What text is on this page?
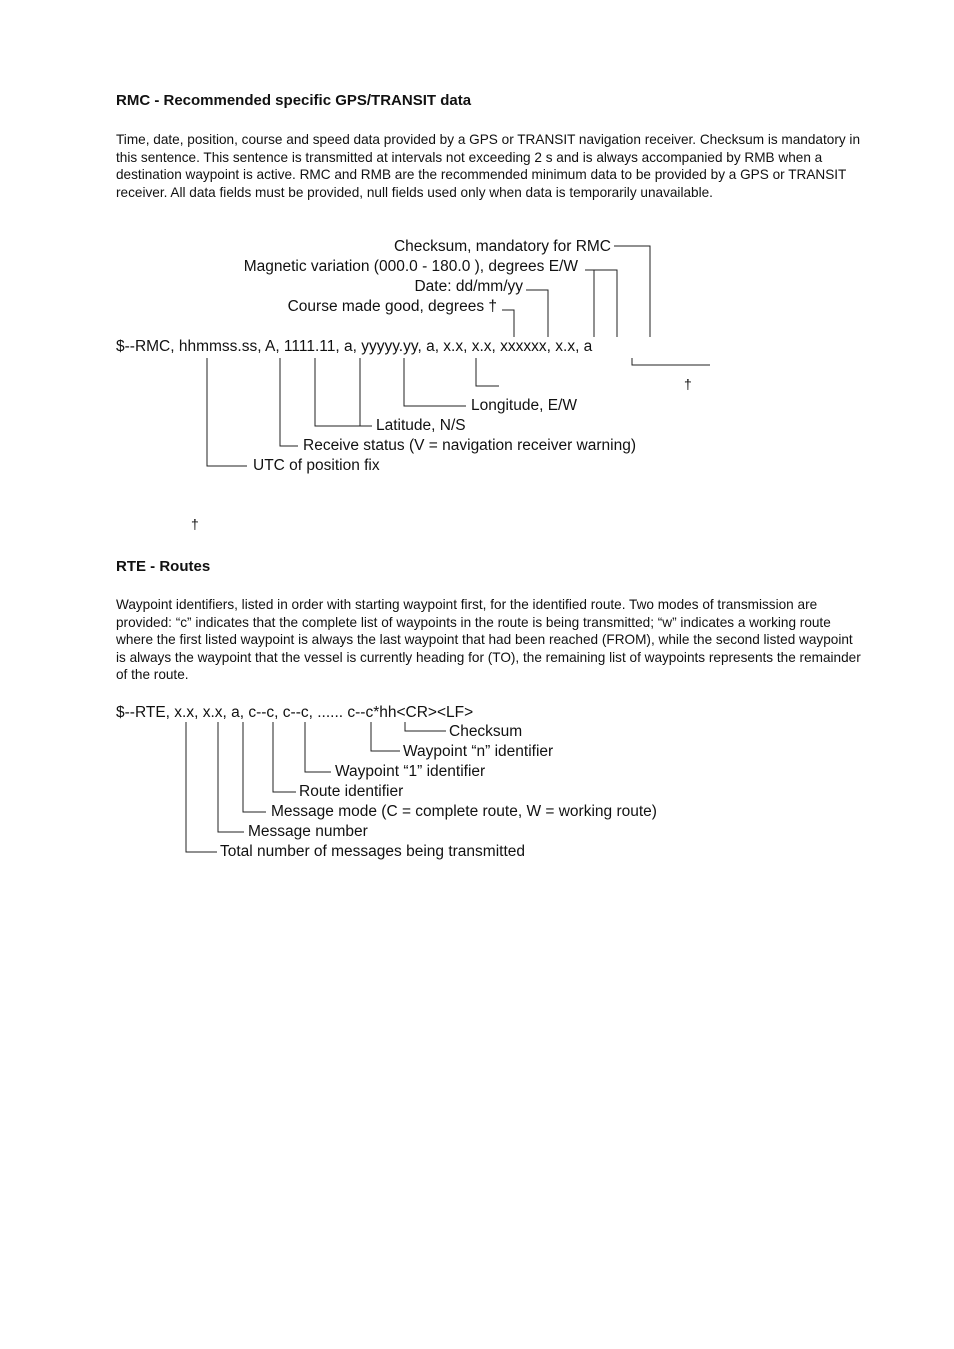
RMC - Recommended specific GPS/TRANSIT data
Time, date, position, course and speed data provided by a GPS or TRANSIT navigation receiver. Checksum is mandatory in this sentence. This sentence is transmitted at intervals not exceeding 2 s and is always accompanied by RMB when a destination waypoint is active. RMC and RMB are the recommended minimum data to be provided by a GPS or TRANSIT receiver. All data fields must be provided, null fields used only when data is temporarily unavailable.
Checksum, mandatory for RMC
Magnetic variation (000.0 - 180.0 ), degrees E/W
Date: dd/mm/yy
Course made good, degrees †
$--RMC, hhmmss.ss, A, 1111.11, a, yyyyy.yy, a, x.x, x.x, xxxxxx, x.x, a
†
Longitude, E/W
Latitude, N/S
Receive status (V = navigation receiver warning)
UTC of position fix
†
RTE - Routes
Waypoint identifiers, listed in order with starting waypoint first, for the identified route. Two modes of transmission are provided: “c” indicates that the complete list of waypoints in the route is being transmitted; “w” indicates a working route where the first listed waypoint is always the last waypoint that had been reached (FROM), while the second listed waypoint is always the waypoint that the vessel is currently heading for (TO), the remaining list of waypoints represents the remainder of the route.
$--RTE, x.x, x.x, a, c--c, c--c, ...... c--c*hh<CR><LF>
Checksum
Waypoint “n” identifier
Waypoint “1” identifier
Route identifier
Message mode (C = complete route, W = working route)
Message number
Total number of messages being transmitted
